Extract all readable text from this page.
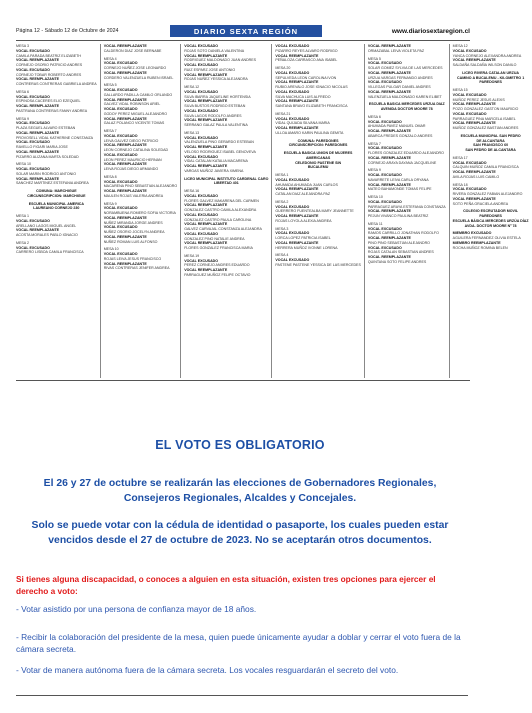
Página 12 - Sábado 12 de Octubre de 2024	DIARIO SEXTA REGIÓN	www.diariosextaregion.cl
MESA 3
VOCAL EXCUSADO
CAMILA PARADA BEATRIZ ELIZABETH
VOCAL REEMPLAZANTE
CORNEJO OSORIO PATRICIO ANDRES
VOCAL EXCUSADO
CORNEJO TOBAR ROBERTO ANDRES
VOCAL REEMPLAZANTE
CONTRERAS CONTRERAS GABRIELA ANDREA
MESA 6
VOCAL EXCUSADO
ESPINOSA CACERES ELIO EZEQUIEL
VOCAL REEMPLAZANTE
PASTRANA CONTRERAS FANNY ANDREA
MESA 9
VOCAL EXCUSADO
PLAZA SEGUEL ALVARO ESTEBAN
VOCAL REEMPLAZANTE
PROVOSELL VIDAL KATHERINE CONSTANZA
VOCAL EXCUSADO
RAVELLO FIGARI MARIA JOSE
VOCAL REEMPLAZANTE
PIZARRO ALIZANA MARTA SOLEDAD
MESA 10
VOCAL EXCUSADO
SOLAR MARIN RODRIGO ANTONIO
VOCAL REEMPLAZANTE
SANCHEZ MARTINEZ ESTEFANIA ANDREA
COMUNA: MARCHIGUE
CIRCUNSCRIPCION: MARCHIGUE
ESCUELA MUNICIPAL AMERICA
LAUREANO CORNEJO 230
MESA 1
VOCAL EXCUSADO
ARELLANO LAGOS MIGUEL ANGEL
VOCAL REEMPLAZANTE
ACOSTA MORALES PABLO IGNACIO
MESA 2
VOCAL EXCUSADO
CARRERO LISBOA CAMILA FRANCISCA
VOCAL REEMPLAZANTE
CALDERON DIAZ JOSE BERNABE
MESA 4
VOCAL EXCUSADO
CORNEJO NUÑEZ JOSE LEONARDO
VOCAL REEMPLAZANTE
CORDERO VALENZUELA RUBEN ISRAEL
MESA 5
VOCAL EXCUSADO
GALLARDO PADILLA CAMILO ORLANDO
VOCAL REEMPLAZANTE
GALVEZ VIDAL ROBINSON ARIEL
VOCAL EXCUSADO
GODOY PEREZ MIGUEL ALEJANDRO
VOCAL REEMPLAZANTE
GALAZ POLANCO VICENTE TOMAS
MESA 7
VOCAL EXCUSADO
LEIVA GALVEZ DIEGO PATRICIO
VOCAL REEMPLAZANTE
LEON CORNEJO CATALINA SOLEDAD
VOCAL EXCUSADO
LEON PEREZ MAURICIO HERNAN
VOCAL REEMPLAZANTE
LEIVA ROJAS DIEGO ARMANDO
MESA 8
VOCAL EXCUSADO
MACARENA PINO SEBASTIAN ALEJANDRO
VOCAL REEMPLAZANTE
MAULEN ROJAS VALERIA ANDREA
MESA 9
VOCAL EXCUSADO
NORAMBUENA ROMERO SOFIA VICTORIA
VOCAL REEMPLAZANTE
NUÑEZ MIRANDA JORGE ANDRES
VOCAL EXCUSADO
NUÑEZ OSORIO JOCELYN ANDREA
VOCAL REEMPLAZANTE
NUÑEZ ROMAN LUIS ALFONSO
MESA 10
VOCAL EXCUSADO
ROJAS LEIVA JESUS FRANCISCO
VOCAL REEMPLAZANTE
RIVAS CONTRERAS JENIFER ANDREA
VOCAL EXCUSADO
ROJAS SOTO DANIELA VALENTINA
VOCAL REEMPLAZANTE
RODRIGUEZ MALDONADO JUAN ANDRES
VOCAL EXCUSADO
RUIZ ESPARZ JOSE ANTONIO
VOCAL REEMPLAZANTE
ROJAS NUÑEZ YESSICA ALEJANDRA
MESA 12
VOCAL EXCUSADO
SILVA IBARRA JAQUELINE HORTENSIA
VOCAL REEMPLAZANTE
SILVA BUSTOS RODRIGO ESTEBAN
VOCAL EXCUSADO
SILVA LAGOS RODOLFO ANDRES
VOCAL REEMPLAZANTE
SERRANO GALAZ PAULA VALENTINA
MESA 13
VOCAL EXCUSADO
VALENZUELA PINO GERARDO ESTEBAN
VOCAL REEMPLAZANTE
VELOSO RODRIGUEZ ISABEL GENOVEVA
VOCAL EXCUSADO
VIDAL CATALAN KATALIA MACARENA
VOCAL REEMPLAZANTE
VARGAS MUÑOZ JAVIERA XIMENA
LICEO MUNICIPAL INSTITUTO CARDENAL CARO
LIBERTAD 401
MESA 16
VOCAL EXCUSADO
FLORES GALVEZ MAKARENA DEL CARMEN
VOCAL REEMPLAZANTE
GONZALEZ CASTRO CAMILA ALEXANDRA
VOCAL EXCUSADO
GONZALEZ CASTRO PAULA CAROLINA
VOCAL REEMPLAZANTE
GALVEZ CARVAJAL CONSTANZA ALEJANDRA
VOCAL EXCUSADO
GONZALEZ PINO NATALIE ANDREA
VOCAL REEMPLAZANTE
FLORES GONZALEZ FRANCISCA MARIA
MESA 19
VOCAL EXCUSADO
PEREZ CORNEJO ANDRES EDUARDO
VOCAL REEMPLAZANTE
PARRAGUEZ MUÑOZ FELIPE OCTAVIO
VOCAL EXCUSADO
PIZARRO REYES ALVARO RODRIGO
VOCAL REEMPLAZANTE
PEÑALOZA CARRASCO ANA ISABEL
MESA 20
VOCAL EXCUSADO
SEPULVEDA LEON CAROLINA IVON
VOCAL REEMPLAZANTE
RUBIO AREVALO JOSE IGNACIO NICOLAS
VOCAL EXCUSADO
SILVA MACHUCA LUIS ALFREDO
VOCAL REEMPLAZANTE
SANTANA BRAVO ELIZABETH FRANCISCA
MESA 21
VOCAL EXCUSADO
VIDAL QUIJADA SILVANA MARIA
VOCAL REEMPLAZANTE
ULLOA AMARO KARIN PAULINA GEMITA
COMUNA: PAREDONES
CIRCUNSCRIPCION: PAREDONES
ESCUELA BASICA UNION DE MUJERES
AMERICANAS
CELEDONIO PASTENE SIN
BUCALEMU
MESA 1
VOCAL EXCUSADO
AHUMADA AHUMADA JUAN CARLOS
VOCAL REEMPLAZANTE
CATALAN DIAZ ALEJANDRA PAZ
MESA 2
VOCAL EXCUSADO
GUERRERO FUENTEALBA MARY JEANNETTE
VOCAL REEMPLAZANTE
ROJAS LOYOLA ALEXIA ANDREA
MESA 3
VOCAL EXCUSADO
LORCA LOPEZ PATRICIA ISABEL
VOCAL REEMPLAZANTE
HERRERA MUÑOZ IVONNE LORENA
MESA 4
VOCAL EXCUSADO
PASTENE PASTENE YESSICA DE LAS MERCEDES
VOCAL REEMPLAZANTE
ORMAZABAL LEIVA VIOLETA PAZ
MESA 5
VOCAL EXCUSADO
SOLAR GOMEZ SYLVIA DE LAS MERCEDES
VOCAL REEMPLAZANTE
URZUA VARGAS FERNANDO ANDRES
VOCAL EXCUSADO
VILLEGAS PULGAR DANIEL ANDRES
VOCAL REEMPLAZANTE
VALENZUELA MALDONADO KAREN ELIBET
ESCUELA BASICA MERCEDES URZUA DIAZ
AVENIDA DOCTOR MOORE 78
MESA 6
VOCAL EXCUSADO
AHUMADA PAVEZ MANUEL OMAR
VOCAL REEMPLAZANTE
ABARCA FREDES GONZALO ANDRES
MESA 7
VOCAL EXCUSADO
FLORES GONZALEZ EDUARDO ALEJANDRO
VOCAL REEMPLAZANTE
CORNEJO ARAYA DAYANA JACQUELINE
MESA 9
VOCAL EXCUSADO
NAVARRETE LEIVA CARLA ORYANA
VOCAL REEMPLAZANTE
MATEO BAHAMONDE TOMAS FELIPE
MESA 10
VOCAL EXCUSADO
PARRAGUEZ ARAYA ESTEFANIA CONSTANZA
VOCAL REEMPLAZANTE
PEJUN VIVANCO PAULINA BEATRIZ
MESA 11
VOCAL EXCUSADO
RAMOS CARRILLO JONATHAN RODOLFO
VOCAL REEMPLAZANTE
PINO PINO SEBASTIAN ALEJANDRO
VOCAL EXCUSADO
ROJAS CATALAN SEBASTIAN ANDRES
VOCAL REEMPLAZANTE
QUINTANA SOTO FELIPE ANDRES
MESA 12
VOCAL EXCUSADO
YANCA CORNEJO ALEXANDRA ANDREA
VOCAL REEMPLAZANTE
SALDAÑA SALDAÑA WILSON DANILO
LICEO RIVERA CATALAN URZUA
CAMINO A BUCALEMU - KILOMETRO 1
PAREDONES
MESA 15
VOCAL EXCUSADO
MUÑOZ PEREZ JESUS ALEXIS
VOCAL REEMPLAZANTE
POZO GONZALEZ GASTON MAURICIO
VOCAL EXCUSADO
PARRAGUEZ PINA MARCELA ISABEL
VOCAL REEMPLAZANTE
MUÑOZ GONZALEZ BASTIAN ANDRES
ESCUELA MUNICIPAL SAN PEDRO
DE ALCANTARA
SAN FRANCISCO 60
SAN PEDRO DE ALCANTARA
MESA 17
VOCAL EXCUSADO
CALQUIN MUÑOZ CAMILA FRANCISCA
VOCAL REEMPLAZANTE
AVILA ROJAS LUIS CAMILO
MESA 18
VOCAL EXCUSADO
RIVERA GONZALEZ FABIAN ALEJANDRO
VOCAL REEMPLAZANTE
SOTO PEÑA GRACIELA ANDREA
COLEGIO ESCRUTADOR MOVIL
PAREDONES
ESCUELA BÁSICA MERCEDES URZÚA DÍAZ
AVDA. DOCTOR MOORE Nº 78
MIEMBRO EXCUSADO
AGUILERA FERNANDEZ OLIVIA ESTELA
MIEMBRO REEMPLAZANTE
ROCHA MUÑOZ ROMINA BELEN
EL VOTO ES OBLIGATORIO
El 26 y 27 de octubre se realizarán las elecciones de Gobernadores Regionales, Consejeros Regionales, Alcaldes y Concejales.
Solo se puede votar con la cédula de identidad o pasaporte, los cuales pueden estar vencidos desde el 27 de octubre de 2023. No se aceptarán otros documentos.
Si tienes alguna discapacidad, o conoces a alguien en esta situación, existen tres opciones para ejercer el derecho a voto:
- Votar asistido por una persona de confianza mayor de 18 años.
- Recibir la colaboración del presidente de la mesa, quien puede únicamente ayudar a doblar y cerrar el voto fuera de la cámara secreta.
- Votar de manera autónoma fuera de la cámara secreta. Los vocales resguardarán el secreto del voto.
